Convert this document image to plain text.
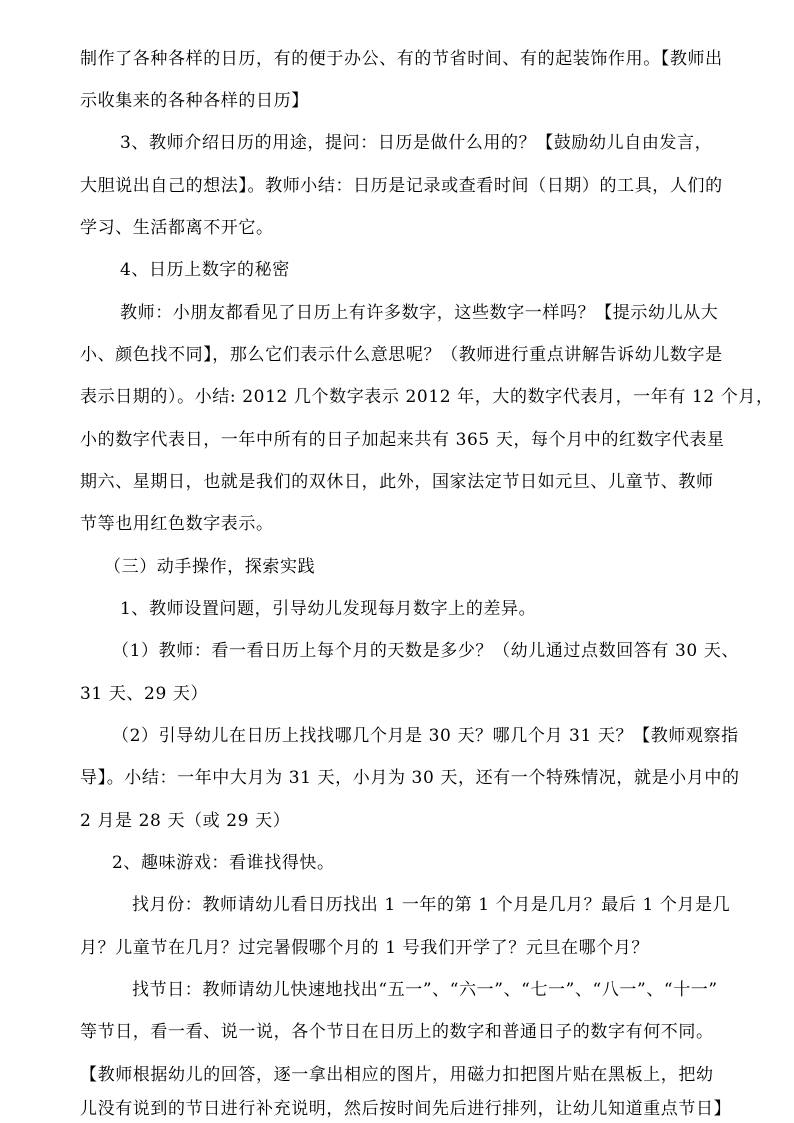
制作了各种各样的日历，有的便于办公、有的节省时间、有的起装饰作用。【教师出
示收集来的各种各样的日历】
3、教师介绍日历的用途，提问：日历是做什么用的？【鼓励幼儿自由发言，
大胆说出自己的想法】。教师小结：日历是记录或查看时间（日期）的工具，人们的
学习、生活都离不开它。
4、日历上数字的秘密
教师：小朋友都看见了日历上有许多数字，这些数字一样吗？【提示幼儿从大
小、颜色找不同】，那么它们表示什么意思呢？（教师进行重点讲解告诉幼儿数字是
表示日期的）。小结: 2012 几个数字表示 2012 年，大的数字代表月，一年有 12 个月，
小的数字代表日，一年中所有的日子加起来共有 365 天，每个月中的红数字代表星
期六、星期日，也就是我们的双休日，此外，国家法定节日如元旦、儿童节、教师
节等也用红色数字表示。
（三）动手操作，探索实践
1、教师设置问题，引导幼儿发现每月数字上的差异。
（1）教师：看一看日历上每个月的天数是多少？（幼儿通过点数回答有 30 天、
31 天、29 天）
（2）引导幼儿在日历上找找哪几个月是 30 天？哪几个月 31 天？【教师观察指
导】。小结：一年中大月为 31 天，小月为 30 天，还有一个特殊情况，就是小月中的
2 月是 28 天（或 29 天）
2、趣味游戏：看谁找得快。
找月份：教师请幼儿看日历找出 1 一年的第 1 个月是几月？最后 1 个月是几
月？儿童节在几月？过完暑假哪个月的 1 号我们开学了？元旦在哪个月？
找节日：教师请幼儿快速地找出“五一”、“六一”、“七一”、“八一”、“十一”
等节日，看一看、说一说，各个节日在日历上的数字和普通日子的数字有何不同。
【教师根据幼儿的回答，逐一拿出相应的图片，用磁力扣把图片贴在黑板上，把幼
儿没有说到的节日进行补充说明，然后按时间先后进行排列，让幼儿知道重点节日】
